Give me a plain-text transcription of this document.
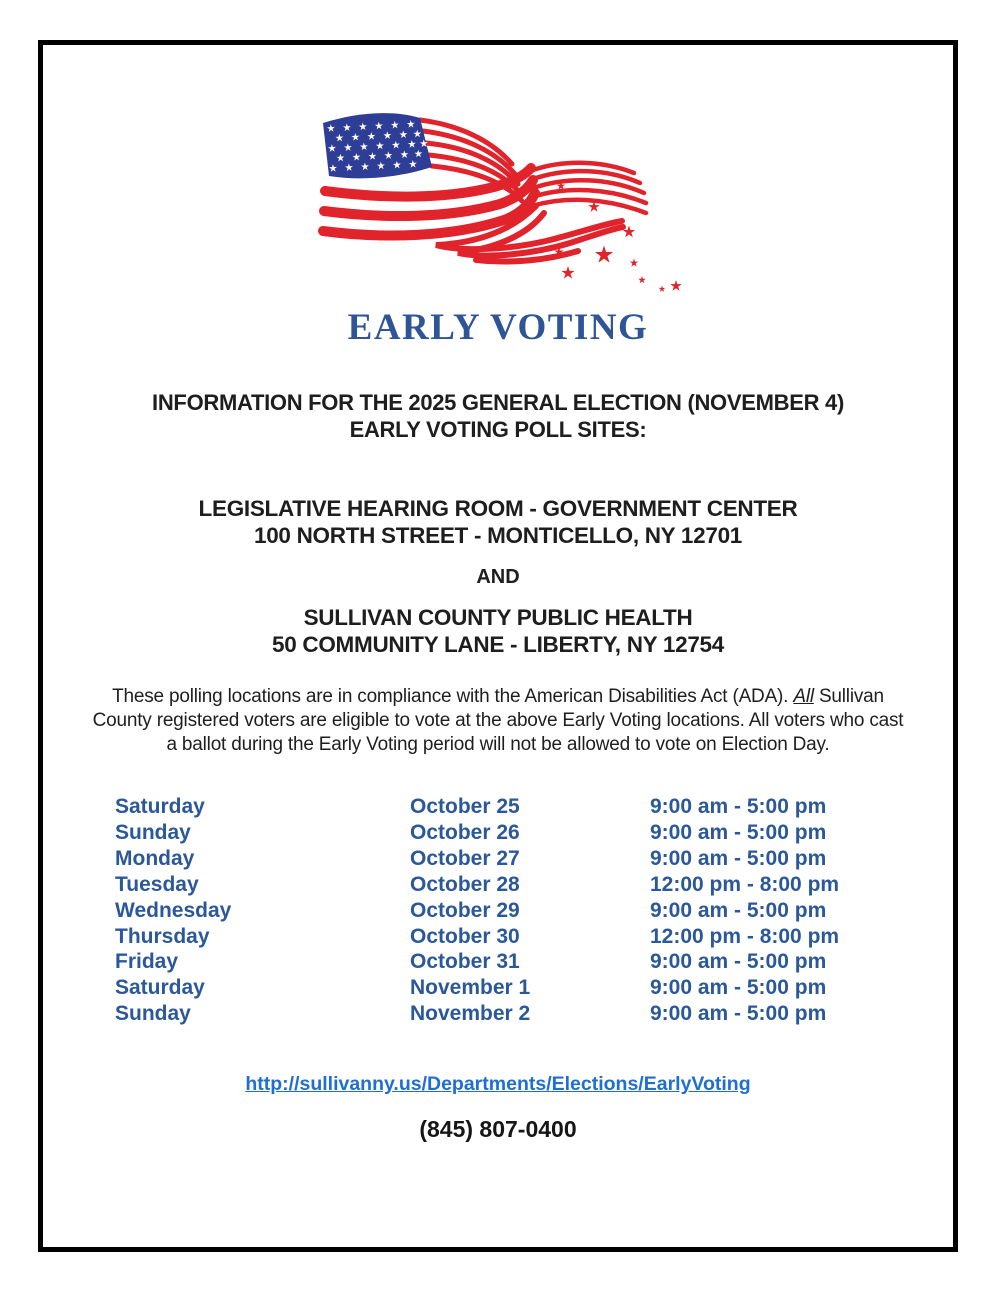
EARLY VOTING
INFORMATION FOR THE 2025 GENERAL ELECTION (NOVEMBER 4)
EARLY VOTING POLL SITES:
LEGISLATIVE HEARING ROOM - GOVERNMENT CENTER
100 NORTH STREET - MONTICELLO, NY 12701
AND
SULLIVAN COUNTY PUBLIC HEALTH
50 COMMUNITY LANE - LIBERTY, NY 12754

These polling locations are in compliance with the American Disabilities Act (ADA). All Sullivan County registered voters are eligible to vote at the above Early Voting locations. All voters who cast a ballot during the Early Voting period will not be allowed to vote on Election Day.

Saturday	October 25	9:00 am - 5:00 pm
Sunday	October 26	9:00 am - 5:00 pm
Monday	October 27	9:00 am - 5:00 pm
Tuesday	October 28	12:00 pm - 8:00 pm
Wednesday	October 29	9:00 am - 5:00 pm
Thursday	October 30	12:00 pm - 8:00 pm
Friday	October 31	9:00 am - 5:00 pm
Saturday	November 1	9:00 am - 5:00 pm
Sunday	November 2	9:00 am - 5:00 pm
http://sullivanny.us/Departments/Elections/EarlyVoting
(845) 807-0400
